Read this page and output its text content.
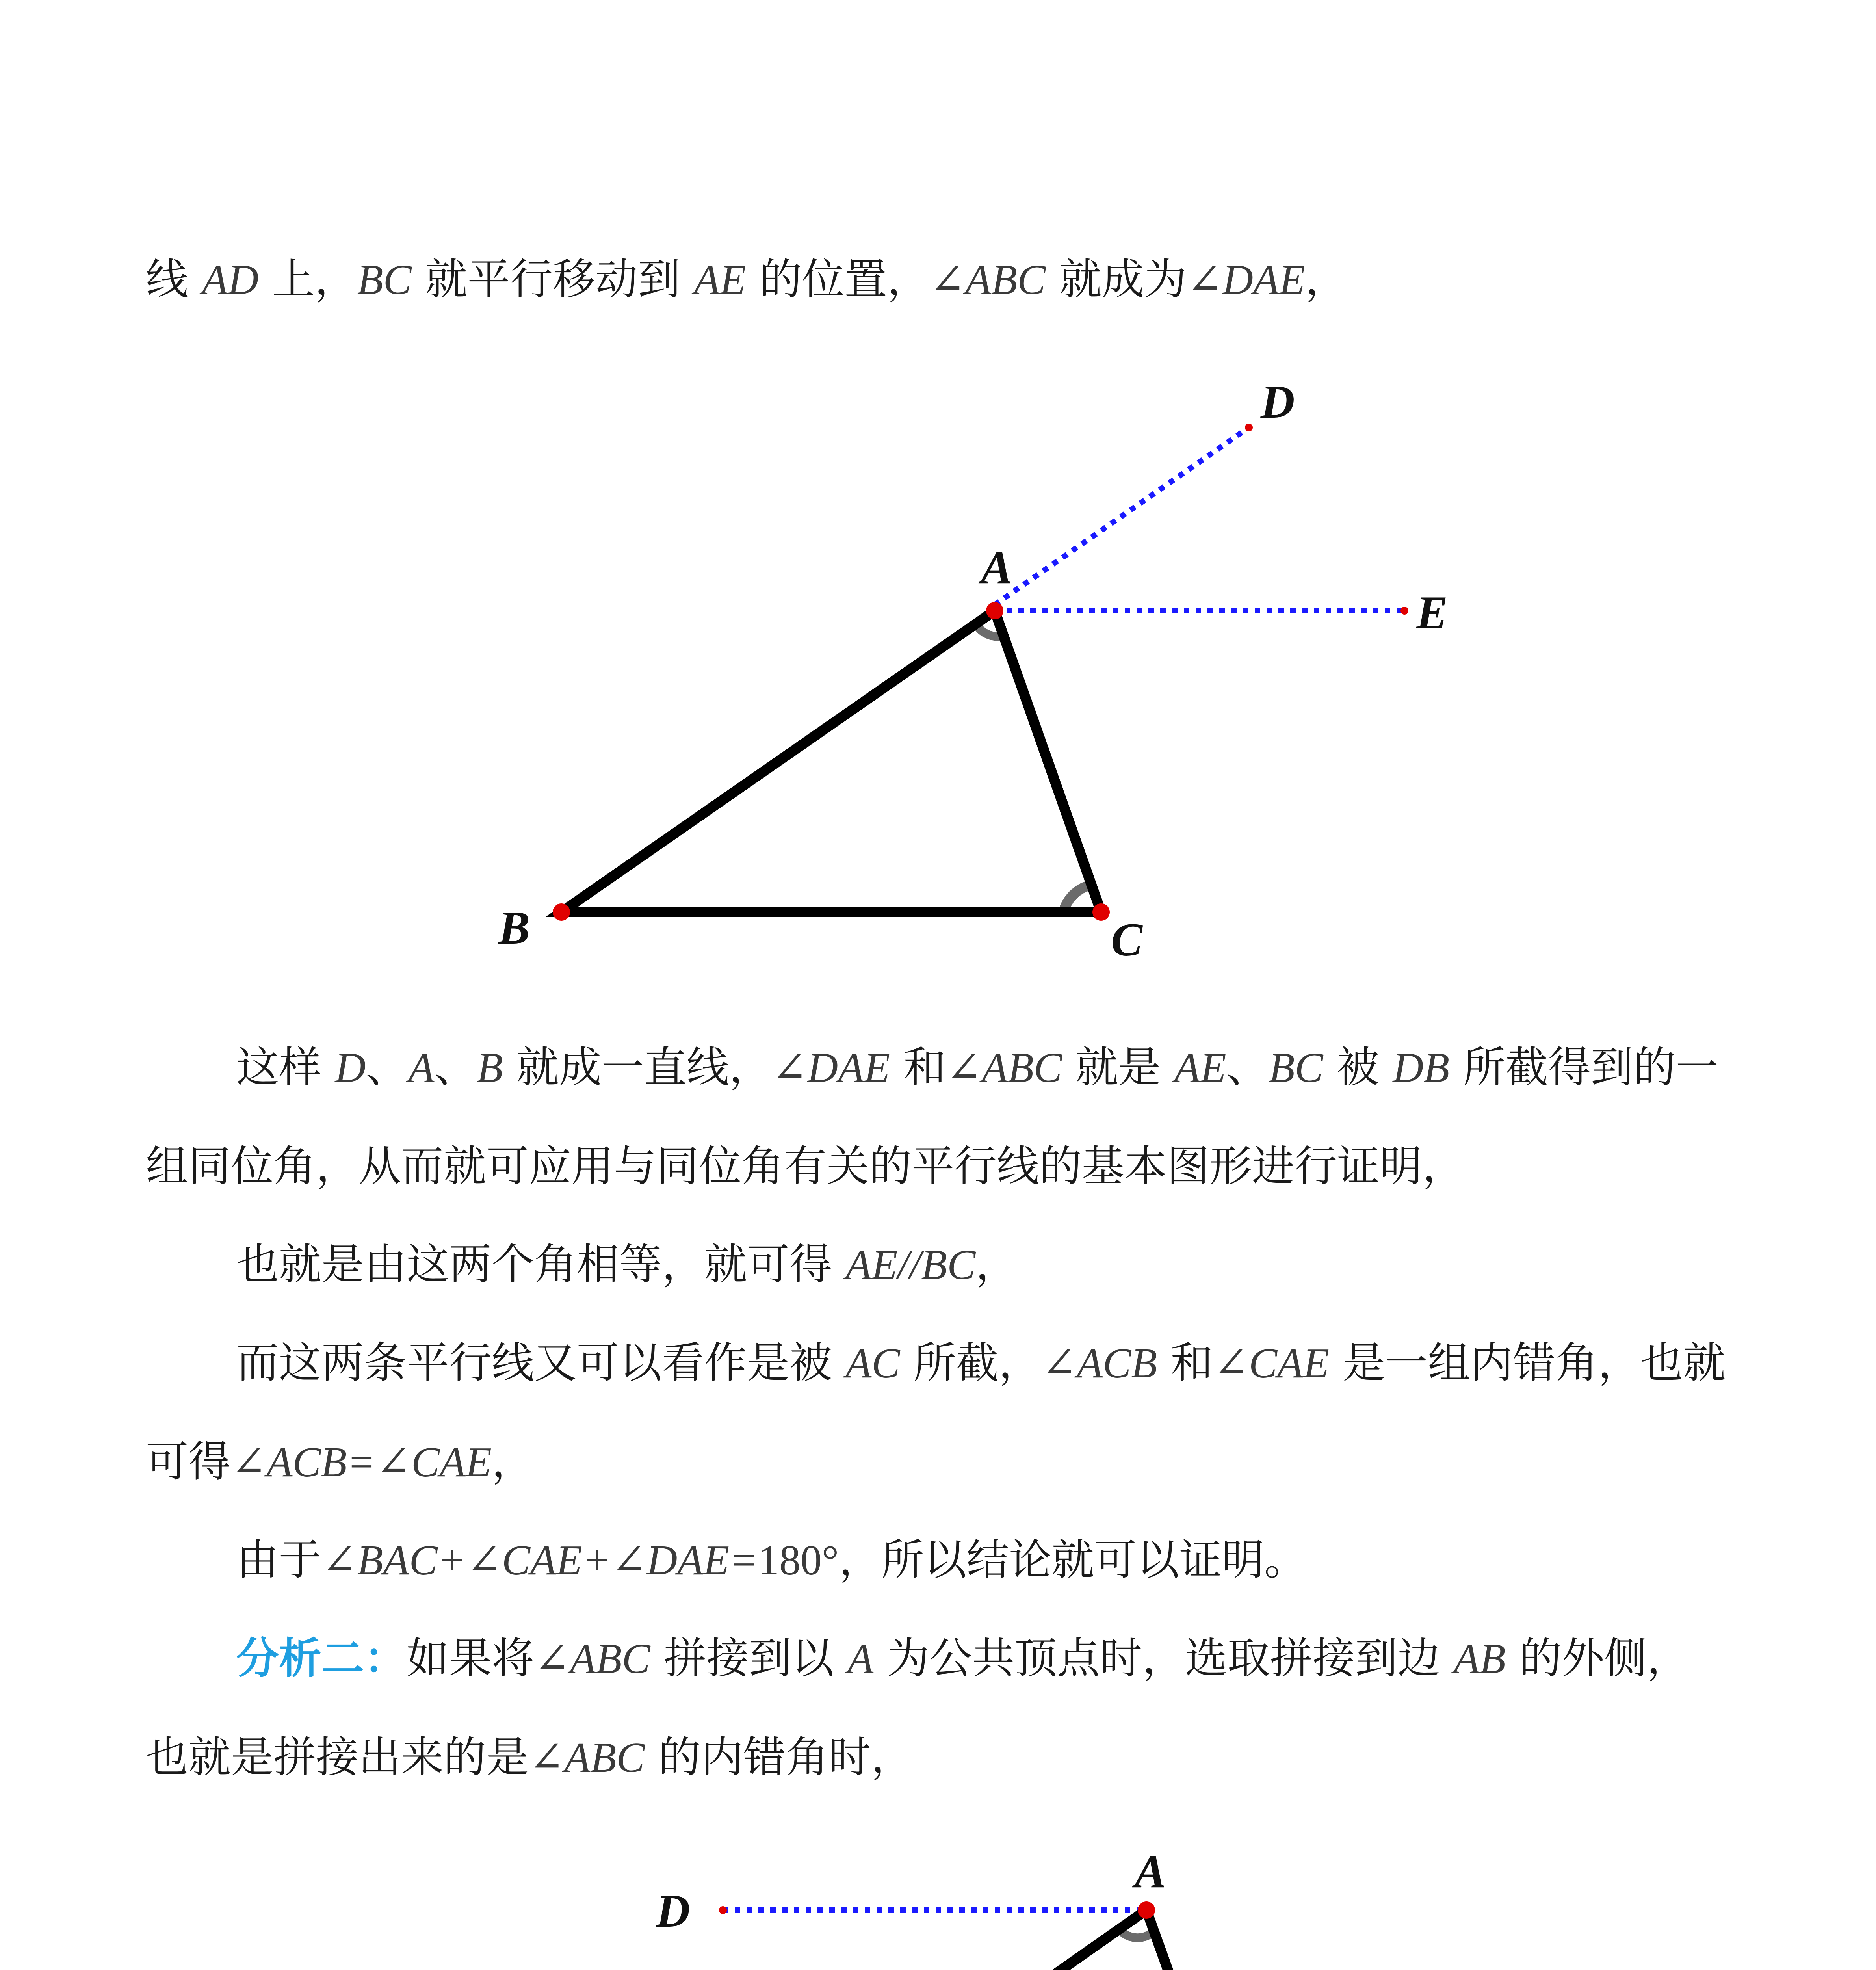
线 AD 上，BC 就平行移动到 AE 的位置，∠ABC 就成为∠DAE，

A
B	C
D
E

这样 D、A、B 就成一直线，∠DAE 和∠ABC 就是 AE、BC 被 DB 所截得到的一组同位角，从而就可应用与同位角有关的平行线的基本图形进行证明，

也就是由这两个角相等，就可得 AE//BC，

而这两条平行线又可以看作是被 AC 所截，∠ACB 和∠CAE 是一组内错角，也就可得∠ACB=∠CAE，

由于∠BAC+∠CAE+∠DAE=180°，所以结论就可以证明。

分析二：如果将∠ABC 拼接到以 A 为公共顶点时，选取拼接到边 AB 的外侧，也就是拼接出来的是∠ABC 的内错角时，

A
D
